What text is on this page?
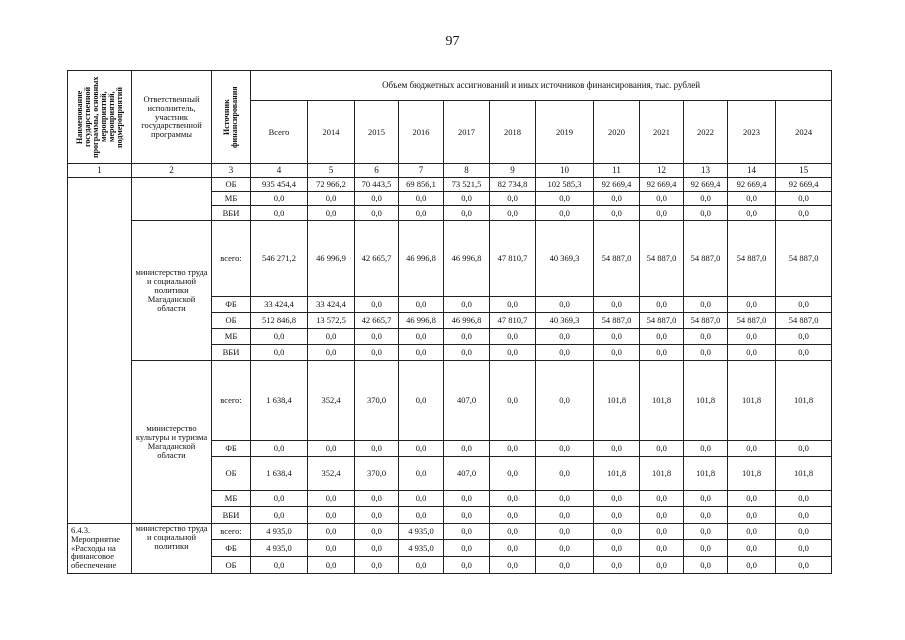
97
Наименование государственной программы, основных мероприятий, мероприятий, подмероприятий	Ответственный исполнитель, участник государственной программы	Источник финансирования	Объем бюджетных ассигнований и иных источников финансирования, тыс. рублей											
			Всего	2014	2015	2016	2017	2018	2019	2020	2021	2022	2023	2024
1	2	3	4	5	6	7	8	9	10	11	12	13	14	15
		ОБ	935 454,4	72 966,2	70 443,5	69 856,1	73 521,5	82 734,8	102 585,3	92 669,4	92 669,4	92 669,4	92 669,4	92 669,4
		МБ	0,0	0,0	0,0	0,0	0,0	0,0	0,0	0,0	0,0	0,0	0,0	0,0
		ВБИ	0,0	0,0	0,0	0,0	0,0	0,0	0,0	0,0	0,0	0,0	0,0	0,0
	министерство труда и социальной политики Магаданской области	всего:	546 271,2	46 996,9	42 665,7	46 996,8	46 996,8	47 810,7	40 369,3	54 887,0	54 887,0	54 887,0	54 887,0	54 887,0
		ФБ	33 424,4	33 424,4	0,0	0,0	0,0	0,0	0,0	0,0	0,0	0,0	0,0	0,0
		ОБ	512 846,8	13 572,5	42 665,7	46 996,8	46 996,8	47 810,7	40 369,3	54 887,0	54 887,0	54 887,0	54 887,0	54 887,0
		МБ	0,0	0,0	0,0	0,0	0,0	0,0	0,0	0,0	0,0	0,0	0,0	0,0
		ВБИ	0,0	0,0	0,0	0,0	0,0	0,0	0,0	0,0	0,0	0,0	0,0	0,0
	министерство культуры и туризма Магаданской области	всего:	1 638,4	352,4	370,0	0,0	407,0	0,0	0,0	101,8	101,8	101,8	101,8	101,8
		ФБ	0,0	0,0	0,0	0,0	0,0	0,0	0,0	0,0	0,0	0,0	0,0	0,0
		ОБ	1 638,4	352,4	370,0	0,0	407,0	0,0	0,0	101,8	101,8	101,8	101,8	101,8
		МБ	0,0	0,0	0,0	0,0	0,0	0,0	0,0	0,0	0,0	0,0	0,0	0,0
		ВБИ	0,0	0,0	0,0	0,0	0,0	0,0	0,0	0,0	0,0	0,0	0,0	0,0
6.4.3. Мероприятие «Расходы на финансовое обеспечение	министерство труда и социальной политики	всего:	4 935,0	0,0	0,0	4 935,0	0,0	0,0	0,0	0,0	0,0	0,0	0,0	0,0
		ФБ	4 935,0	0,0	0,0	4 935,0	0,0	0,0	0,0	0,0	0,0	0,0	0,0	0,0
		ОБ	0,0	0,0	0,0	0,0	0,0	0,0	0,0	0,0	0,0	0,0	0,0	0,0
